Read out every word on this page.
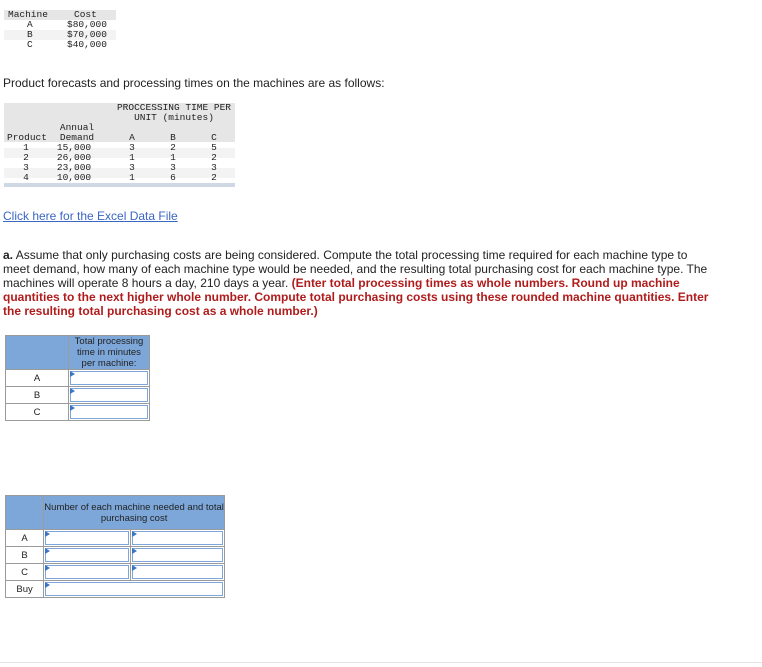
Machine	Cost
A	$80,000
B	$70,000
C	$40,000

Product forecasts and processing times on the machines are as follows:

PROCCESSING TIME PER
UNIT (minutes)
Annual
Product	Demand	A	B	C
1	15,000	3	2	5
2	26,000	1	1	2
3	23,000	3	3	3
4	10,000	1	6	2
Click here for the Excel Data File

a. Assume that only purchasing costs are being considered. Compute the total processing time required for each machine type to meet demand, how many of each machine type would be needed, and the resulting total purchasing cost for each machine type. The machines will operate 8 hours a day, 210 days a year. (Enter total processing times as whole numbers. Round up machine quantities to the next higher whole number. Compute total purchasing costs using these rounded machine quantities. Enter the resulting total purchasing cost as a whole number.)

	Total processing time in minutes per machine:
A	

B	

C	
	Number of each machine needed and total purchasing cost	
A	

B	

C	

Buy		
